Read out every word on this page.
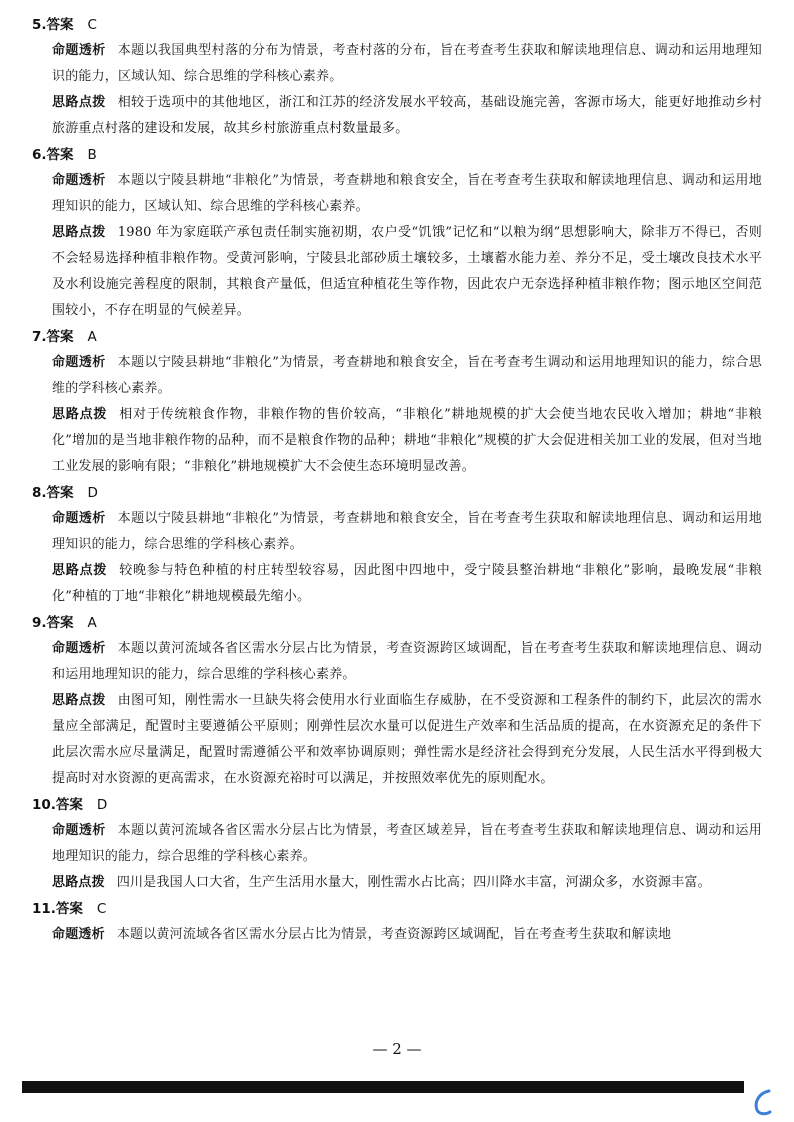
5.答案 C
命题透析 本题以我国典型村落的分布为情景，考查村落的分布，旨在考查考生获取和解读地理信息、调动和运用地理知识的能力，区域认知、综合思维的学科核心素养。
思路点拨 相较于选项中的其他地区，浙江和江苏的经济发展水平较高，基础设施完善，客源市场大，能更好地推动乡村旅游重点村落的建设和发展，故其乡村旅游重点村数量最多。
6.答案 B
命题透析 本题以宁陵县耕地“非粮化”为情景，考查耕地和粮食安全，旨在考查考生获取和解读地理信息、调动和运用地理知识的能力，区域认知、综合思维的学科核心素养。
思路点拨 1980 年为家庭联产承包责任制实施初期，农户受“饥饿”记忆和“以粮为纲”思想影响大，除非万不得已，否则不会轻易选择种植非粮作物。受黄河影响，宁陵县北部砂质土壤较多，土壤蓄水能力差、养分不足，受土壤改良技术水平及水利设施完善程度的限制，其粮食产量低，但适宜种植花生等作物，因此农户无奈选择种植非粮作物；图示地区空间范围较小，不存在明显的气候差异。
7.答案 A
命题透析 本题以宁陵县耕地“非粮化”为情景，考查耕地和粮食安全，旨在考查考生调动和运用地理知识的能力，综合思维的学科核心素养。
思路点拨 相对于传统粮食作物，非粮作物的售价较高，“非粮化”耕地规模的扩大会使当地农民收入增加；耕地“非粮化”增加的是当地非粮作物的品种，而不是粮食作物的品种；耕地“非粮化”规模的扩大会促进相关加工业的发展，但对当地工业发展的影响有限；“非粮化”耕地规模扩大不会使生态环境明显改善。
8.答案 D
命题透析 本题以宁陵县耕地“非粮化”为情景，考查耕地和粮食安全，旨在考查考生获取和解读地理信息、调动和运用地理知识的能力，综合思维的学科核心素养。
思路点拨 较晚参与特色种植的村庄转型较容易，因此图中四地中，受宁陵县整治耕地“非粮化”影响，最晚发展“非粮化”种植的丁地“非粮化”耕地规模最先缩小。
9.答案 A
命题透析 本题以黄河流域各省区需水分层占比为情景，考查资源跨区域调配，旨在考查考生获取和解读地理信息、调动和运用地理知识的能力，综合思维的学科核心素养。
思路点拨 由图可知，刚性需水一旦缺失将会使用水行业面临生存威胁，在不受资源和工程条件的制约下，此层次的需水量应全部满足，配置时主要遵循公平原则；刚弹性层次水量可以促进生产效率和生活品质的提高，在水资源充足的条件下此层次需水应尽量满足，配置时需遵循公平和效率协调原则；弹性需水是经济社会得到充分发展，人民生活水平得到极大提高时对水资源的更高需求，在水资源充裕时可以满足，并按照效率优先的原则配水。
10.答案 D
命题透析 本题以黄河流域各省区需水分层占比为情景，考查区域差异，旨在考查考生获取和解读地理信息、调动和运用地理知识的能力，综合思维的学科核心素养。
思路点拨 四川是我国人口大省，生产生活用水量大，刚性需水占比高；四川降水丰富，河湖众多，水资源丰富。
11.答案 C
命题透析 本题以黄河流域各省区需水分层占比为情景，考查资源跨区域调配，旨在考查考生获取和解读地
— 2 —
